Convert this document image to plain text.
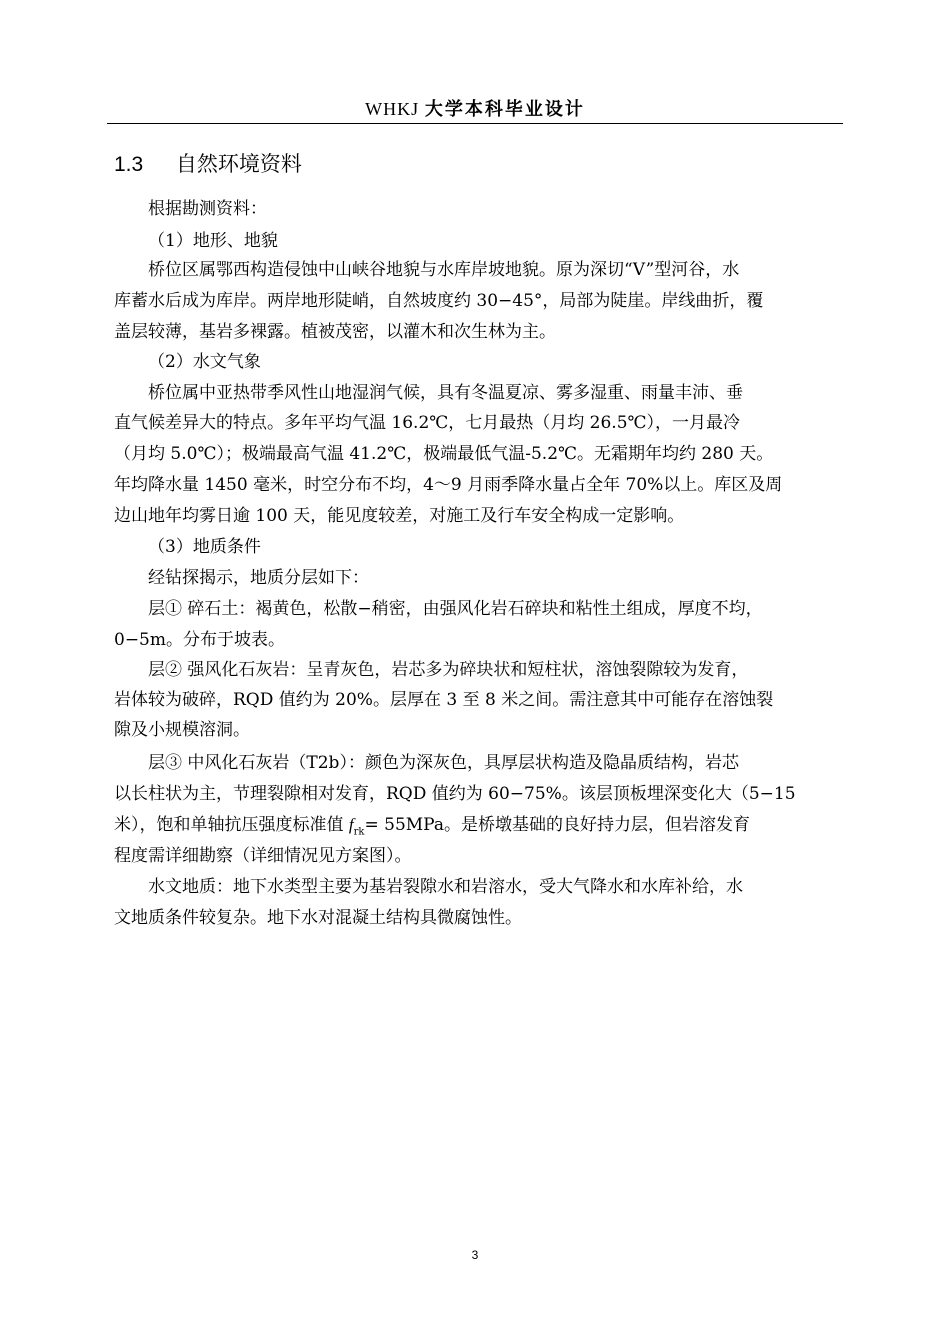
WHKJ 大学本科毕业设计
1.3 自然环境资料
根据勘测资料：
（1）地形、地貌
桥位区属鄂西构造侵蚀中山峡谷地貌与水库岸坡地貌。原为深切“V”型河谷，水
库蓄水后成为库岸。两岸地形陡峭，自然坡度约 30−45°，局部为陡崖。岸线曲折，覆
盖层较薄，基岩多裸露。植被茂密，以灌木和次生林为主。
（2）水文气象
桥位属中亚热带季风性山地湿润气候，具有冬温夏凉、雾多湿重、雨量丰沛、垂
直气候差异大的特点。多年平均气温 16.2℃，七月最热（月均 26.5℃），一月最冷
（月均 5.0℃）；极端最高气温 41.2℃，极端最低气温-5.2℃。无霜期年均约 280 天。
年均降水量 1450 毫米，时空分布不均，4～9 月雨季降水量占全年 70%以上。库区及周
边山地年均雾日逾 100 天，能见度较差，对施工及行车安全构成一定影响。
（3）地质条件
经钻探揭示，地质分层如下：
层① 碎石土：褐黄色，松散−稍密，由强风化岩石碎块和粘性土组成，厚度不均，
0−5m。分布于坡表。
层② 强风化石灰岩：呈青灰色，岩芯多为碎块状和短柱状，溶蚀裂隙较为发育，
岩体较为破碎，RQD 值约为 20%。层厚在 3 至 8 米之间。需注意其中可能存在溶蚀裂
隙及小规模溶洞。
层③ 中风化石灰岩（T2b）：颜色为深灰色，具厚层状构造及隐晶质结构，岩芯
以长柱状为主，节理裂隙相对发育，RQD 值约为 60−75%。该层顶板埋深变化大（5−15
米），饱和单轴抗压强度标准值 $f_{rk}= 55MPa$。是桥墩基础的良好持力层，但岩溶发育
程度需详细勘察（详细情况见方案图）。
水文地质：地下水类型主要为基岩裂隙水和岩溶水，受大气降水和水库补给，水
文地质条件较复杂。地下水对混凝土结构具微腐蚀性。
3
